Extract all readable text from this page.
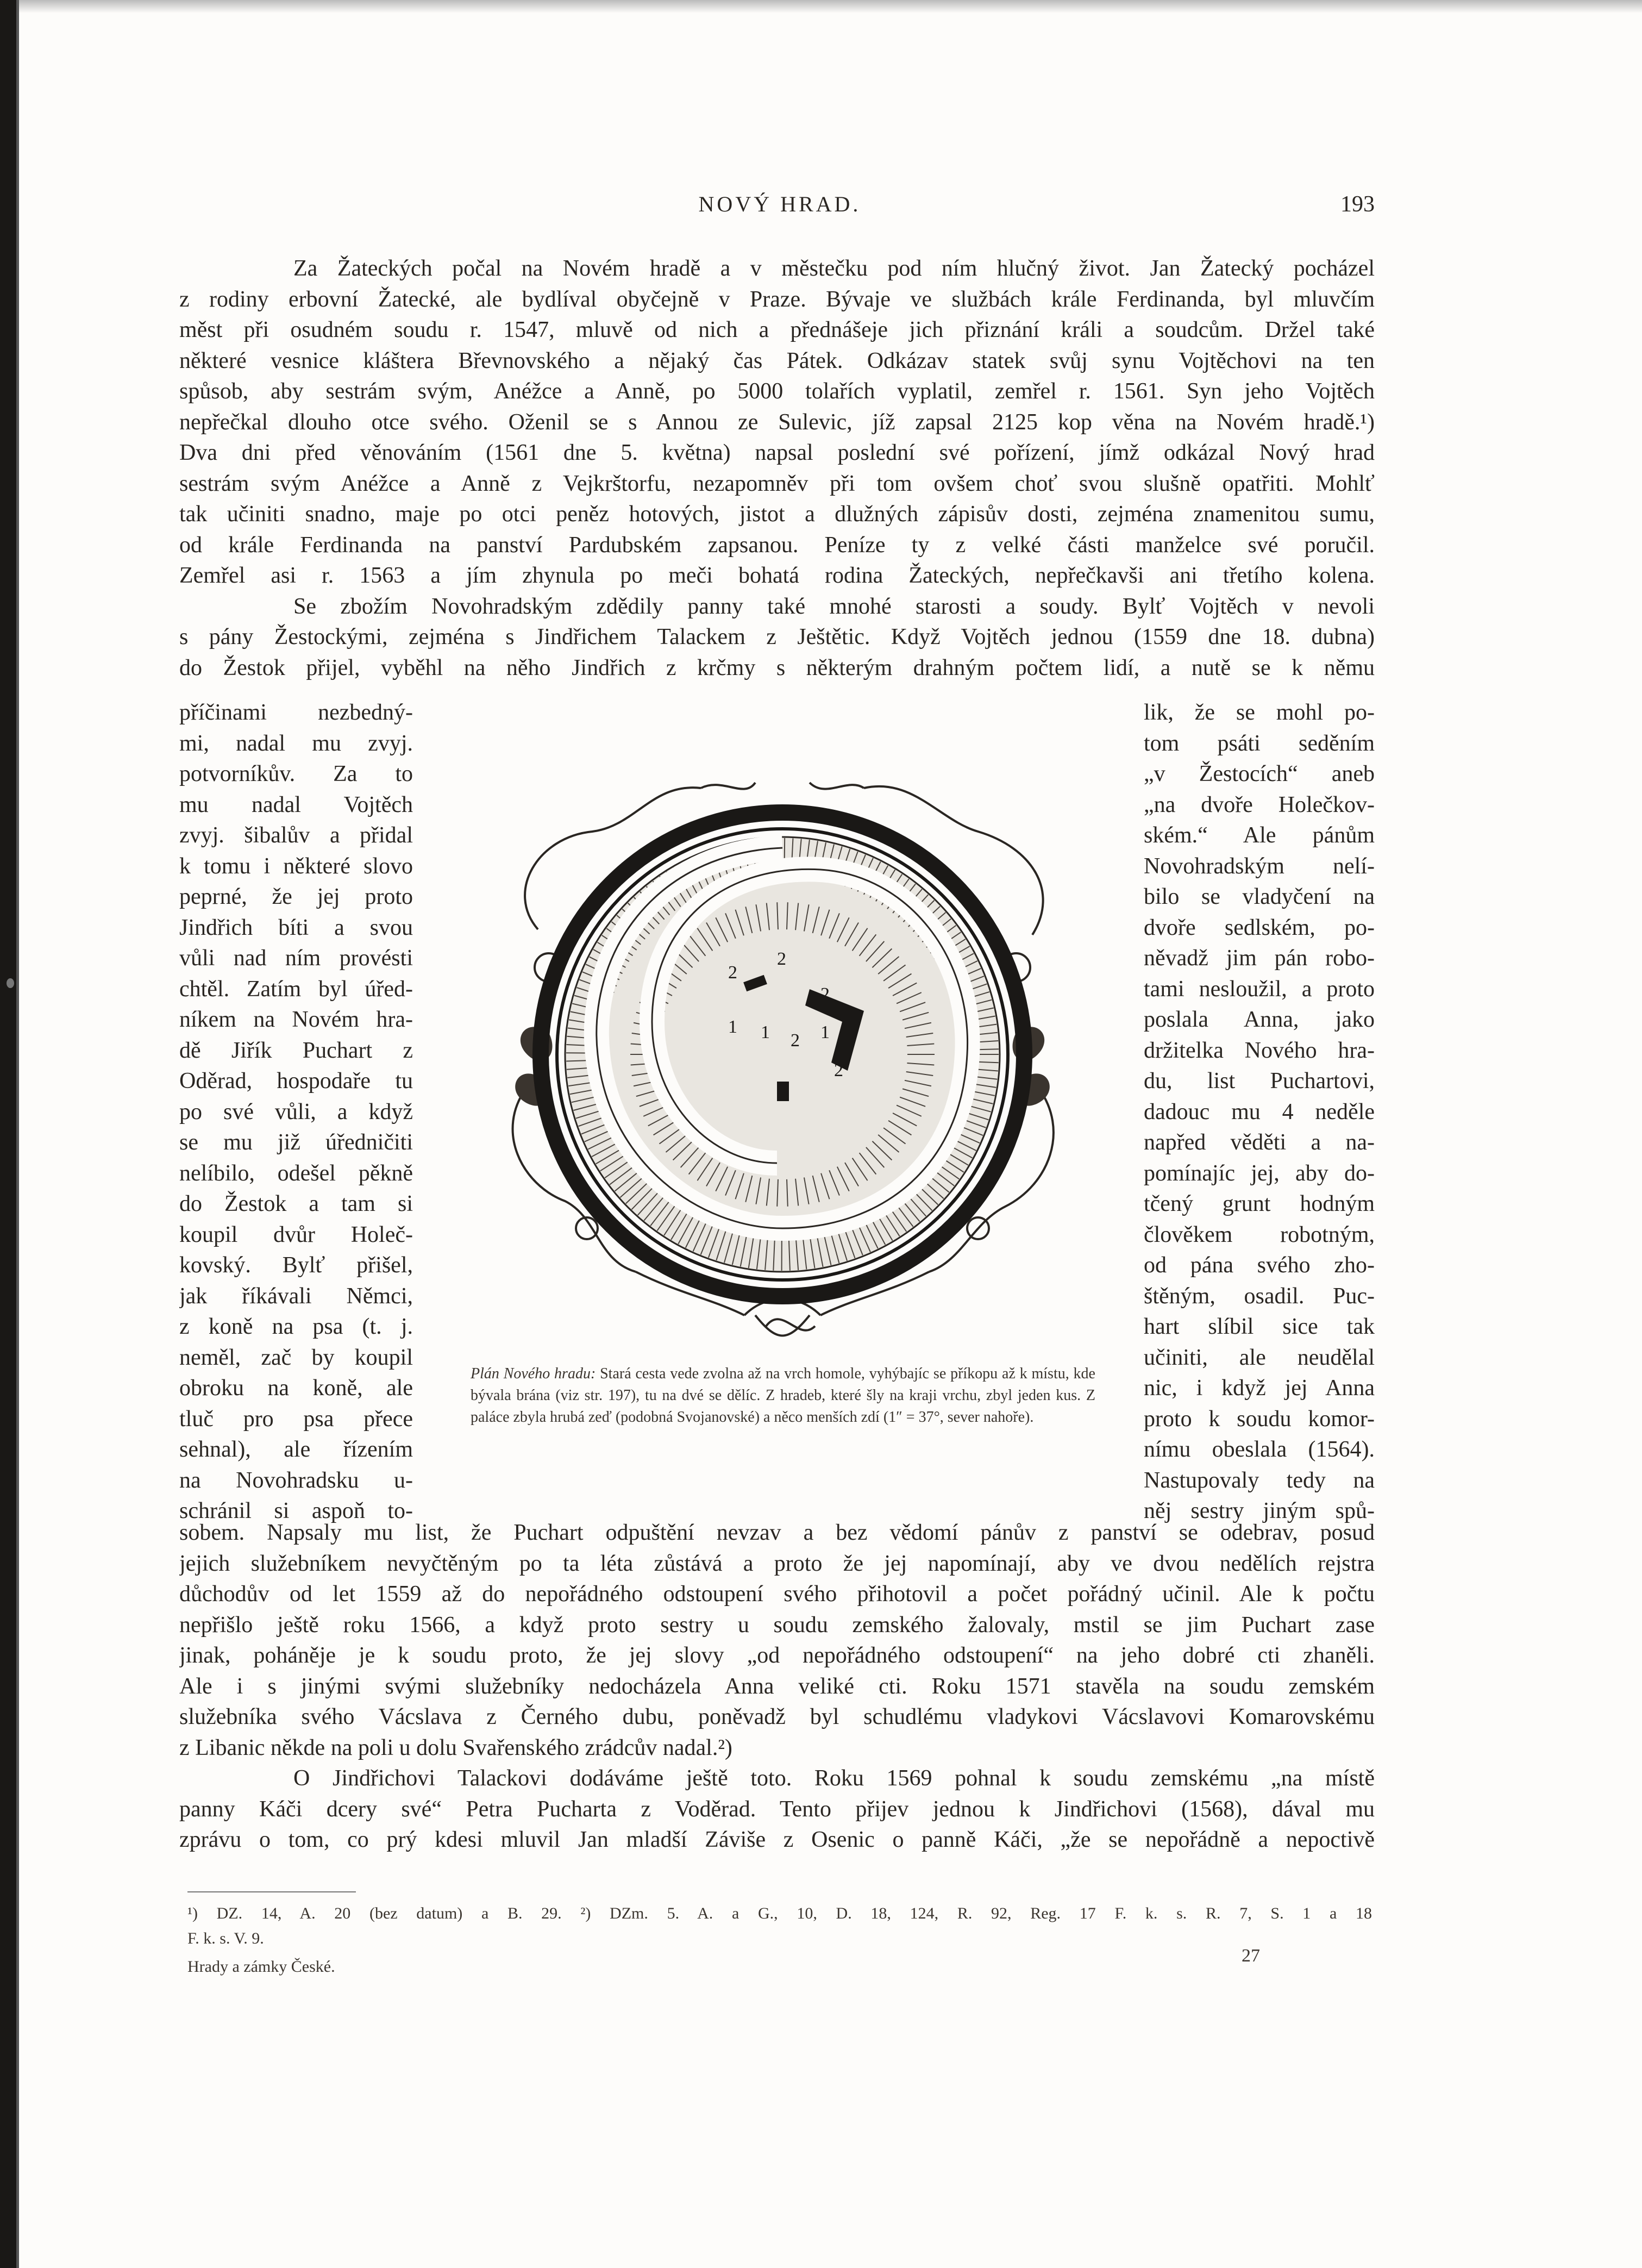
NOVÝ HRAD.	193
Za Žateckých počal na Novém hradě a v městečku pod ním hlučný život. Jan Žatecký pocházel
z rodiny erbovní Žatecké, ale bydlíval obyčejně v Praze. Bývaje ve službách krále Ferdinanda, byl mluvčím
měst při osudném soudu r. 1547, mluvě od nich a přednášeje jich přiznání králi a soudcům. Držel také
některé vesnice kláštera Břevnovského a nějaký čas Pátek. Odkázav statek svůj synu Vojtěchovi na ten
spůsob, aby sestrám svým, Anéžce a Anně, po 5000 tolařích vyplatil, zemřel r. 1561. Syn jeho Vojtěch
nepřečkal dlouho otce svého. Oženil se s Annou ze Sulevic, jíž zapsal 2125 kop věna na Novém hradě.¹)
Dva dni před věnováním (1561 dne 5. května) napsal poslední své pořízení, jímž odkázal Nový hrad
sestrám svým Anéžce a Anně z Vejkrštorfu, nezapomněv při tom ovšem choť svou slušně opatřiti. Mohlť
tak učiniti snadno, maje po otci peněz hotových, jistot a dlužných zápisův dosti, zejména znamenitou sumu,
od krále Ferdinanda na panství Pardubském zapsanou. Peníze ty z velké části manželce své poručil.
Zemřel asi r. 1563 a jím zhynula po meči bohatá rodina Žateckých, nepřečkavši ani třetího kolena.
Se zbožím Novohradským zdědily panny také mnohé starosti a soudy. Bylť Vojtěch v nevoli
s pány Žestockými, zejména s Jindřichem Talackem z Ještětic. Když Vojtěch jednou (1559 dne 18. dubna)
do Žestok přijel, vyběhl na něho Jindřich z krčmy s některým drahným počtem lidí, a nutě se k němu
příčinami nezbedný-
mi, nadal mu zvyj.
potvorníkův. Za to
mu nadal Vojtěch
zvyj. šibalův a přidal
k tomu i některé slovo
peprné, že jej proto
Jindřich bíti a svou
vůli nad ním provésti
chtěl. Zatím byl úřed-
níkem na Novém hra-
dě Jiřík Puchart z
Oděrad, hospodaře tu
po své vůli, a když
se mu již úředničiti
nelíbilo, odešel pěkně
do Žestok a tam si
koupil dvůr Holeč-
kovský. Bylť přišel,
jak říkávali Němci,
z koně na psa (t. j.
neměl, zač by koupil
obroku na koně, ale
tluč pro psa přece
sehnal), ale řízením
na Novohradsku u-
schránil si aspoň to-
lik, že se mohl po-
tom psáti seděním
„v Žestocích“ aneb
„na dvoře Holečkov-
ském.“ Ale pánům
Novohradským nelí-
bilo se vladyčení na
dvoře sedlském, po-
něvadž jim pán robo-
tami nesloužil, a proto
poslala Anna, jako
držitelka Nového hra-
du, list Puchartovi,
dadouc mu 4 neděle
napřed věděti a na-
pomínajíc jej, aby do-
tčený grunt hodným
člověkem robotným,
od pána svého zho-
štěným, osadil. Puc-
hart slíbil sice tak
učiniti, ale neudělal
nic, i když jej Anna
proto k soudu komor-
nímu obeslala (1564).
Nastupovaly tedy na
něj sestry jiným spů-
2
2
2
1 1 2 1
2
Plán Nového hradu: Stará cesta vede zvolna až na vrch homole, vyhýbajíc se příkopu až k místu, kde bývala brána (viz str. 197), tu na dvé se dělíc. Z hradeb, které šly na kraji vrchu, zbyl jeden kus. Z paláce zbyla hrubá zeď (podobná Svojanovské) a něco menších zdí (1″ = 37°, sever nahoře).
sobem. Napsaly mu list, že Puchart odpuštění nevzav a bez vědomí pánův z panství se odebrav, posud
jejich služebníkem nevyčtěným po ta léta zůstává a proto že jej napomínají, aby ve dvou nedělích rejstra
důchodův od let 1559 až do nepořádného odstoupení svého přihotovil a počet pořádný učinil. Ale k počtu
nepřišlo ještě roku 1566, a když proto sestry u soudu zemského žalovaly, mstil se jim Puchart zase
jinak, poháněje je k soudu proto, že jej slovy „od nepořádného odstoupení“ na jeho dobré cti zhaněli.
Ale i s jinými svými služebníky nedocházela Anna veliké cti. Roku 1571 stavěla na soudu zemském
služebníka svého Vácslava z Černého dubu, poněvadž byl schudlému vladykovi Vácslavovi Komarovskému
z Libanic někde na poli u dolu Svařenského zrádcův nadal.²)
O Jindřichovi Talackovi dodáváme ještě toto. Roku 1569 pohnal k soudu zemskému „na místě
panny Káči dcery své“ Petra Pucharta z Voděrad. Tento přijev jednou k Jindřichovi (1568), dával mu
zprávu o tom, co prý kdesi mluvil Jan mladší Záviše z Osenic o panně Káči, „že se nepořádně a nepoctivě
¹) DZ. 14, A. 20 (bez datum) a B. 29. ²) DZm. 5. A. a G., 10, D. 18, 124, R. 92, Reg. 17 F. k. s. R. 7, S. 1 a 18
F. k. s. V. 9.
Hrady a zámky České.
27
